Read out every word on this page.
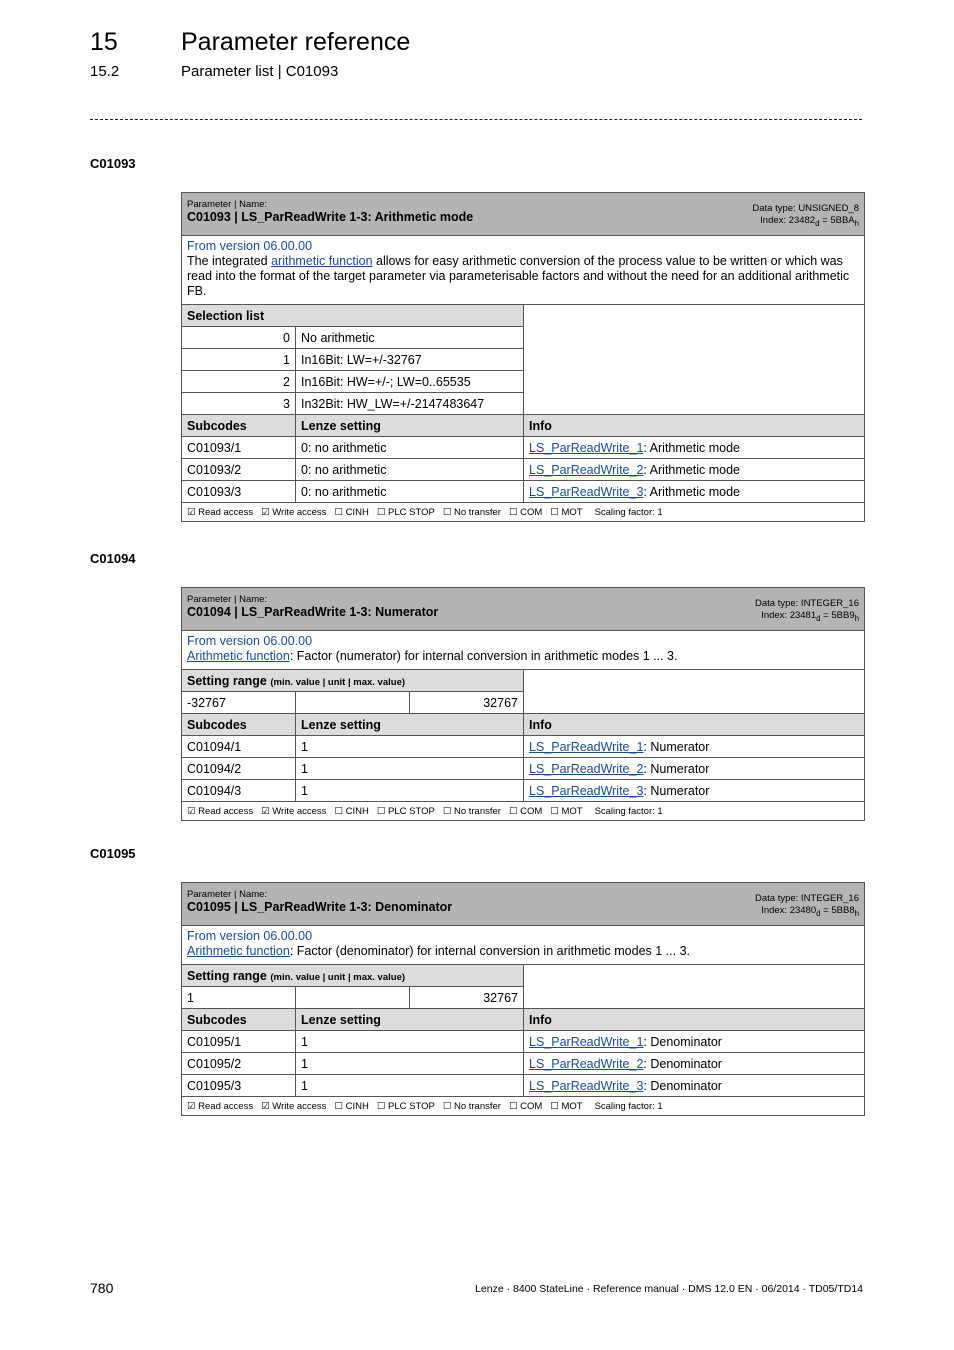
15	Parameter reference
15.2	Parameter list | C01093
C01093
Parameter | Name:
C01093 | LS_ParReadWrite 1-3: Arithmetic mode
Data type: UNSIGNED_8
Index: $23482_d = 5BBA_h$

From version 06.00.00
The integrated arithmetic function allows for easy arithmetic conversion of the process value to be written or which was read into the format of the target parameter via parameterisable factors and without the need for an additional arithmetic FB.		

Selection list		
0	No arithmetic	
1	In16Bit: LW=+/-32767	
2	In16Bit: HW=+/-; LW=0..65535	
3	In32Bit: HW_LW=+/-2147483647	
Subcodes	Lenze setting	Info
C01093/1	0: no arithmetic	LS_ParReadWrite_1: Arithmetic mode
C01093/2	0: no arithmetic	LS_ParReadWrite_2: Arithmetic mode
C01093/3	0: no arithmetic	LS_ParReadWrite_3: Arithmetic mode
☑ Read access ☑ Write access ☐ CINH ☐ PLC STOP ☐ No transfer ☐ COM ☐ MOT Scaling factor: 1		
C01094
Parameter | Name:
C01094 | LS_ParReadWrite 1-3: Numerator
Data type: INTEGER_16
Index: $23481_d = 5BB9_h$

From version 06.00.00
Arithmetic function: Factor (numerator) for internal conversion in arithmetic modes 1 ... 3.			

Setting range (min. value | unit | max. value)			
-32767		32767	
Subcodes	Lenze setting		Info
C01094/1	1		LS_ParReadWrite_1: Numerator
C01094/2	1		LS_ParReadWrite_2: Numerator
C01094/3	1		LS_ParReadWrite_3: Numerator
☑ Read access ☑ Write access ☐ CINH ☐ PLC STOP ☐ No transfer ☐ COM ☐ MOT Scaling factor: 1			
C01095
Parameter | Name:
C01095 | LS_ParReadWrite 1-3: Denominator
Data type: INTEGER_16
Index: $23480_d = 5BB8_h$

From version 06.00.00
Arithmetic function: Factor (denominator) for internal conversion in arithmetic modes 1 ... 3.			

Setting range (min. value | unit | max. value)			
1		32767	
Subcodes	Lenze setting		Info
C01095/1	1		LS_ParReadWrite_1: Denominator
C01095/2	1		LS_ParReadWrite_2: Denominator
C01095/3	1		LS_ParReadWrite_3: Denominator
☑ Read access ☑ Write access ☐ CINH ☐ PLC STOP ☐ No transfer ☐ COM ☐ MOT Scaling factor: 1			
780	Lenze · 8400 StateLine · Reference manual · DMS 12.0 EN · 06/2014 · TD05/TD14
